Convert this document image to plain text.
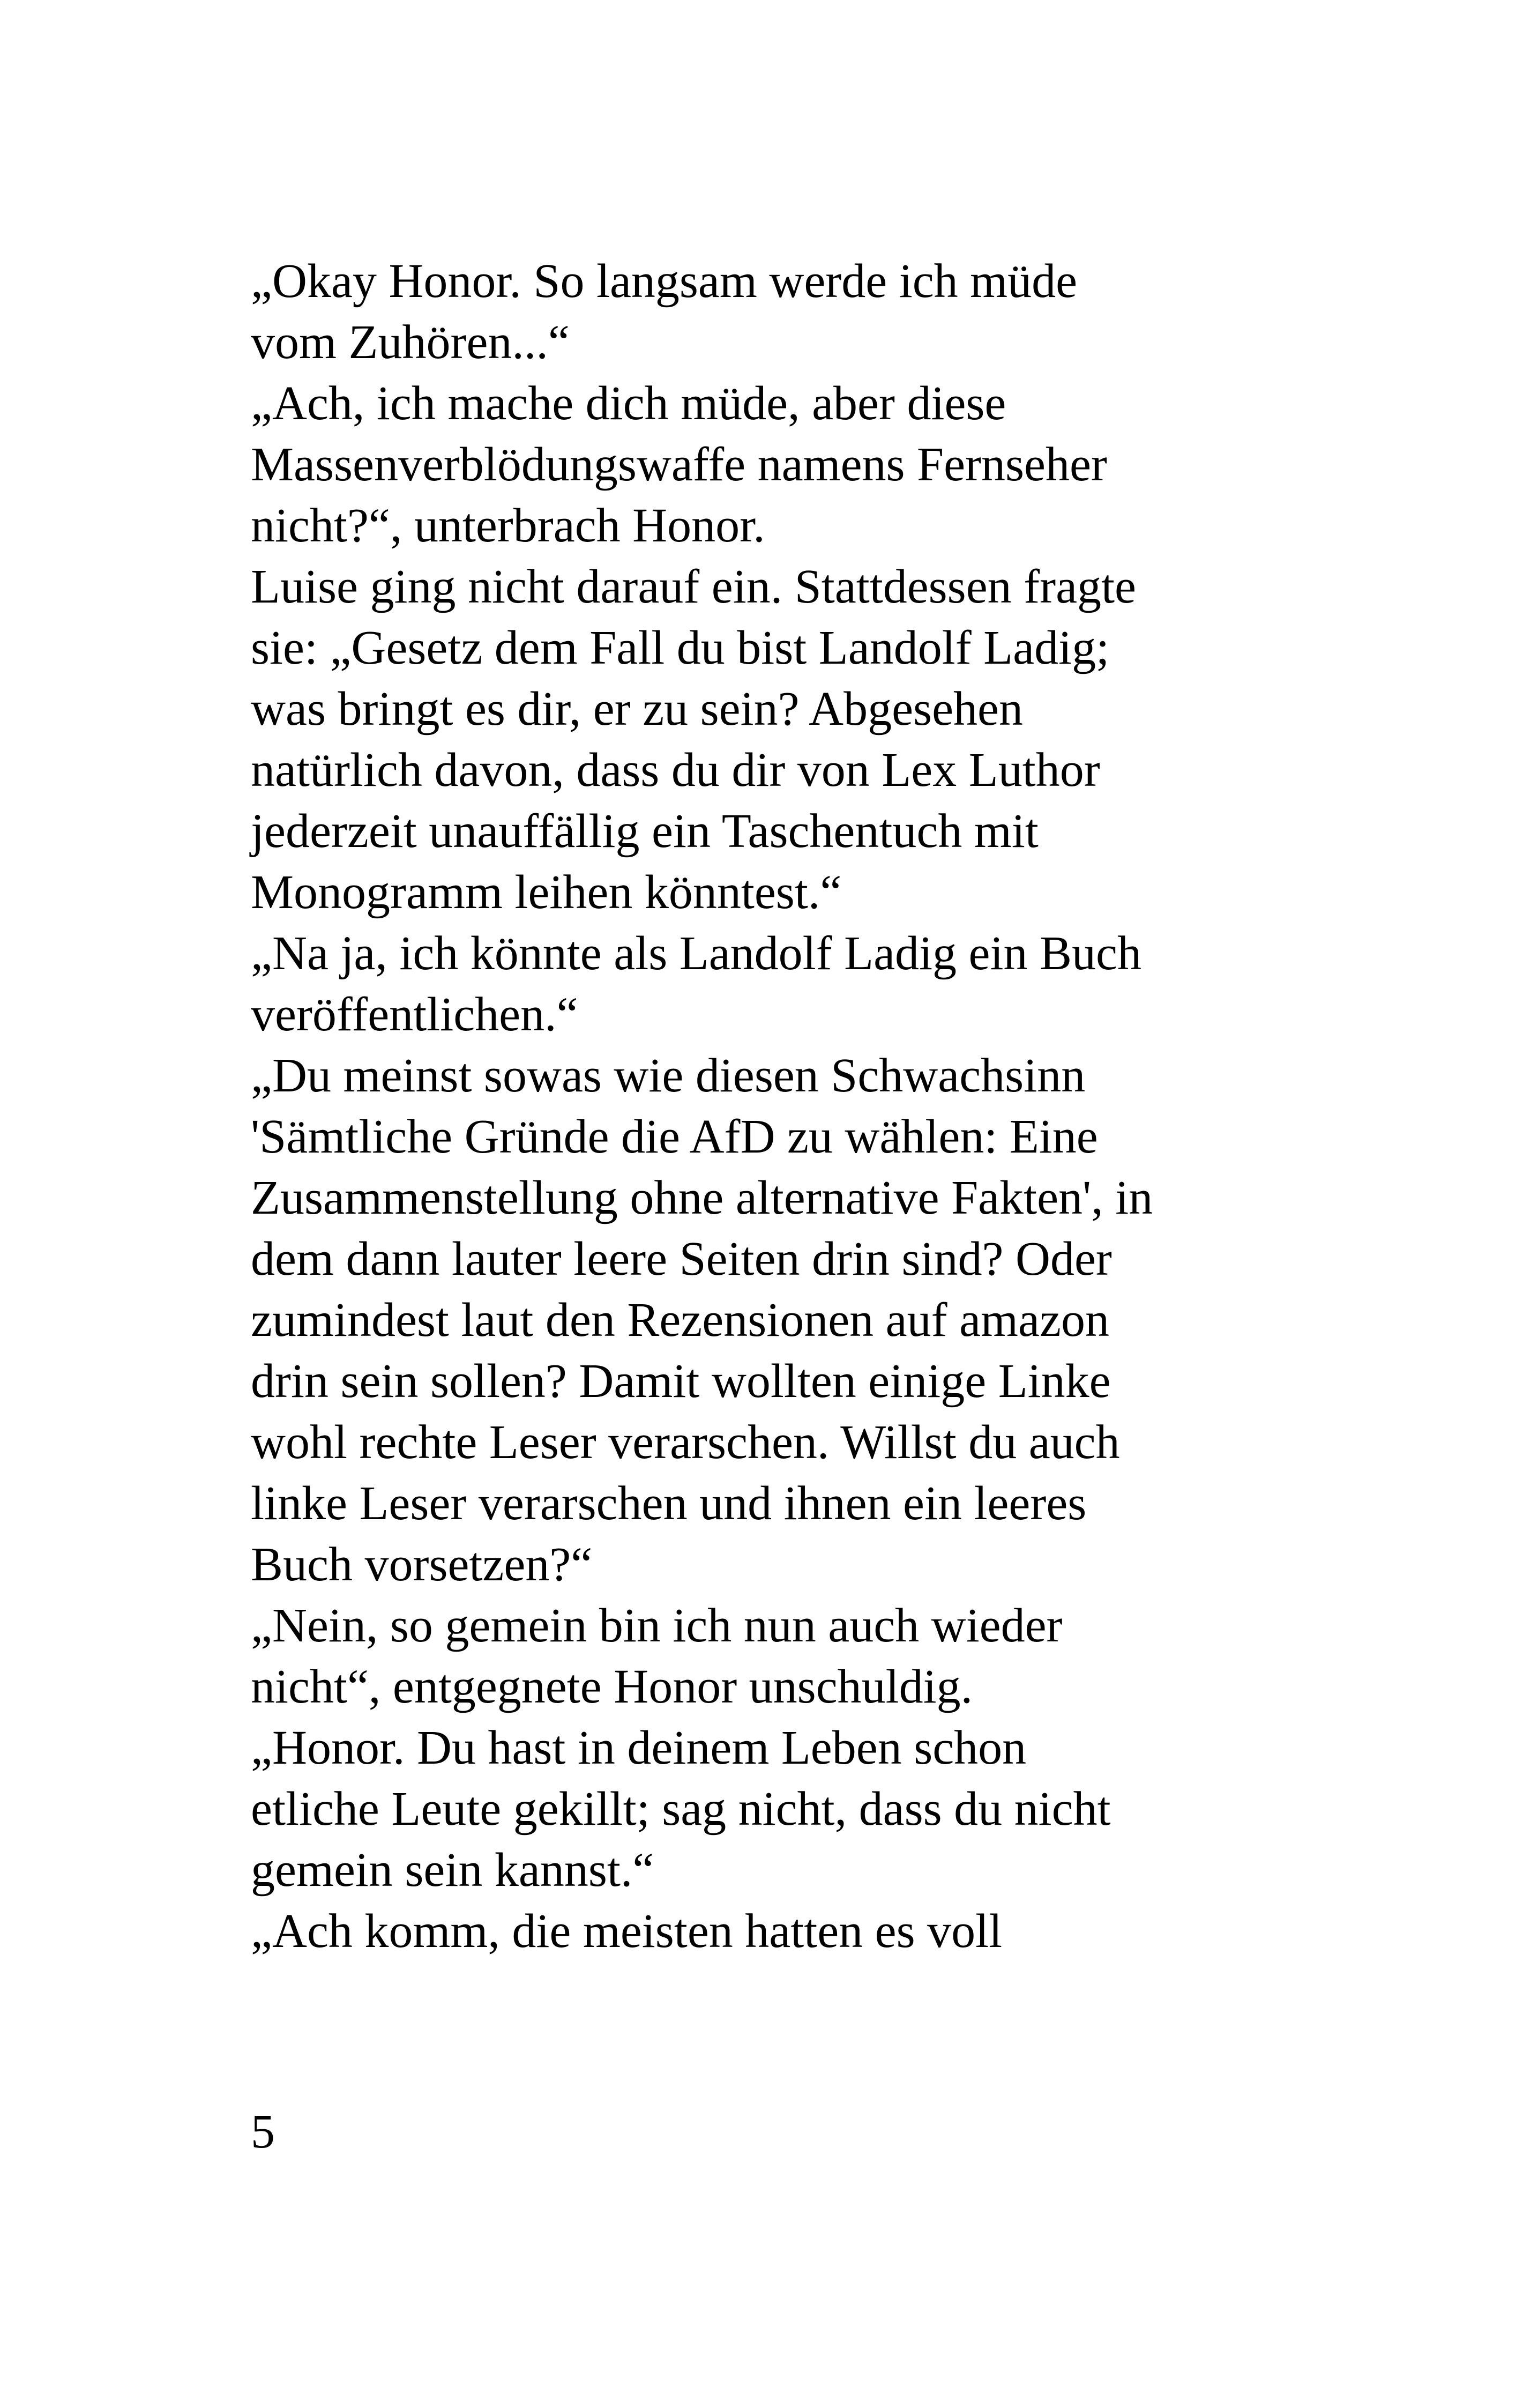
„Okay Honor. So langsam werde ich müde
vom Zuhören...“
„Ach, ich mache dich müde, aber diese
Massenverblödungswaffe namens Fernseher
nicht?“, unterbrach Honor.
Luise ging nicht darauf ein. Stattdessen fragte
sie: „Gesetz dem Fall du bist Landolf Ladig;
was bringt es dir, er zu sein? Abgesehen
natürlich davon, dass du dir von Lex Luthor
jederzeit unauffällig ein Taschentuch mit
Monogramm leihen könntest.“
„Na ja, ich könnte als Landolf Ladig ein Buch
veröffentlichen.“
„Du meinst sowas wie diesen Schwachsinn
'Sämtliche Gründe die AfD zu wählen: Eine
Zusammenstellung ohne alternative Fakten', in
dem dann lauter leere Seiten drin sind? Oder
zumindest laut den Rezensionen auf amazon
drin sein sollen? Damit wollten einige Linke
wohl rechte Leser verarschen. Willst du auch
linke Leser verarschen und ihnen ein leeres
Buch vorsetzen?“
„Nein, so gemein bin ich nun auch wieder
nicht“, entgegnete Honor unschuldig.
„Honor. Du hast in deinem Leben schon
etliche Leute gekillt; sag nicht, dass du nicht
gemein sein kannst.“
„Ach komm, die meisten hatten es voll
5
